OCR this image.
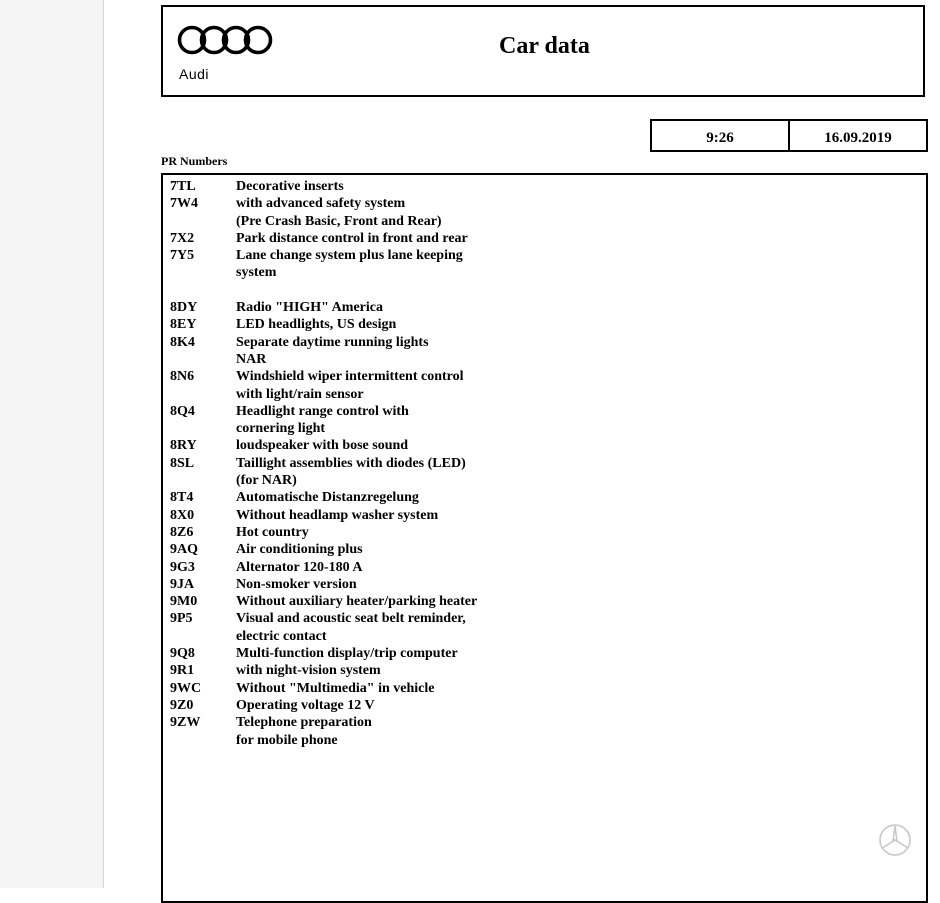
Audi
Car data
9:26	16.09.2019
PR Numbers
7TL	Decorative inserts
7W4	with advanced safety system
(Pre Crash Basic, Front and Rear)
7X2	Park distance control in front and rear
7Y5	Lane change system plus lane keeping
system
8DY	Radio "HIGH" America
8EY	LED headlights, US design
8K4	Separate daytime running lights
NAR
8N6	Windshield wiper intermittent control
with light/rain sensor
8Q4	Headlight range control with
cornering light
8RY	loudspeaker with bose sound
8SL	Taillight assemblies with diodes (LED)
(for NAR)
8T4	Automatische Distanzregelung
8X0	Without headlamp washer system
8Z6	Hot country
9AQ	Air conditioning plus
9G3	Alternator 120-180 A
9JA	Non-smoker version
9M0	Without auxiliary heater/parking heater
9P5	Visual and acoustic seat belt reminder,
electric contact
9Q8	Multi-function display/trip computer
9R1	with night-vision system
9WC	Without "Multimedia" in vehicle
9Z0	Operating voltage 12 V
9ZW	Telephone preparation
for mobile phone
